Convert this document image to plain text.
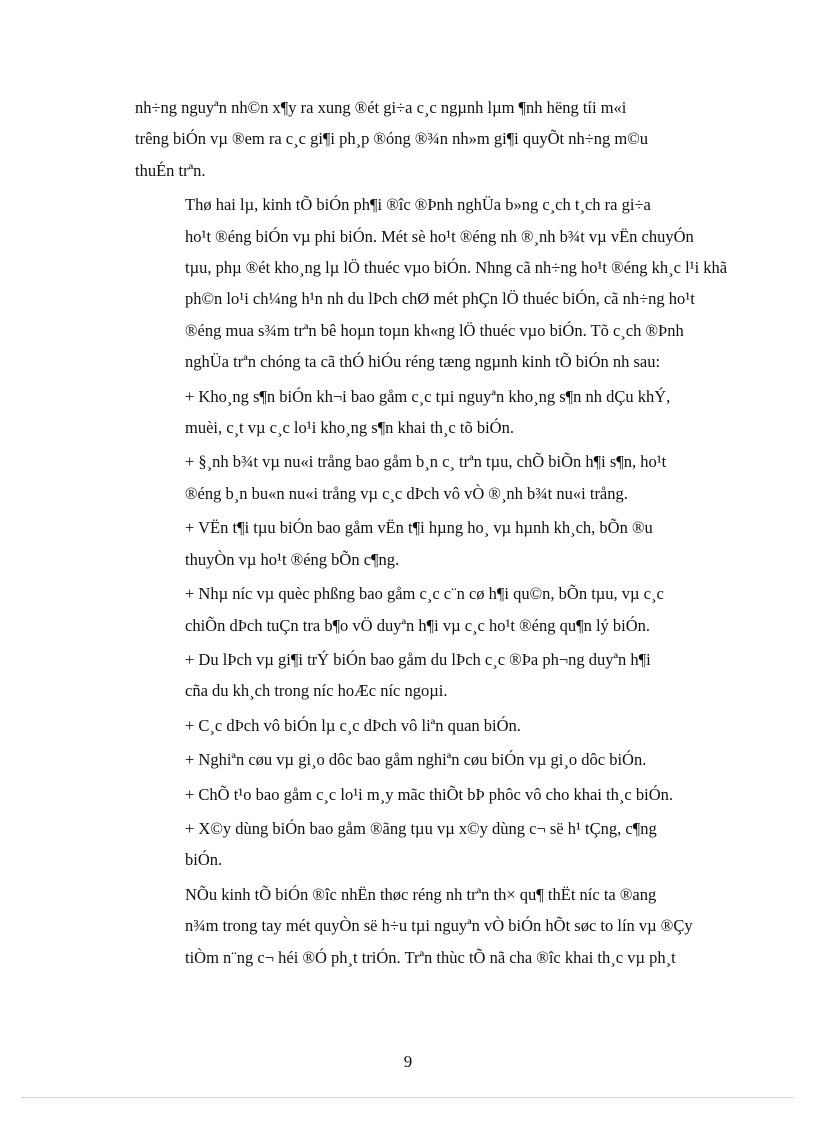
nh÷ng nguyªn nh©n x¶y ra xung ®ét gi÷a c¸c ngµnh lµm ¶nh hëng tíi m«i
trêng biÓn vµ ®em ra c¸c gi¶i ph¸p ®óng ®¾n nh»m gi¶i quyÕt nh÷ng m©u
thuÉn trªn.

Thø hai lµ, kinh tÕ biÓn ph¶i ®îc ®Þnh nghÜa b»ng c¸ch t¸ch ra gi÷a
ho¹t ®éng biÓn vµ phi biÓn. Mét sè ho¹t ®éng nh ®¸nh b¾t vµ vËn chuyÓn
tµu, phµ ®ét kho¸ng lµ lÖ thuéc vµo biÓn. Nhng cã nh÷ng ho¹t ®éng kh¸c l¹i khã
ph©n lo¹i ch¼ng h¹n nh du lÞch chØ mét phÇn lÖ thuéc biÓn, cã nh÷ng ho¹t
®éng mua s¾m trªn bê hoµn toµn kh«ng lÖ thuéc vµo biÓn. Tõ c¸ch ®Þnh
nghÜa trªn chóng ta cã thÓ hiÓu réng tæng ngµnh kinh tÕ biÓn nh sau:

+ Kho¸ng s¶n biÓn kh¬i bao gåm c¸c tµi nguyªn kho¸ng s¶n nh dÇu khÝ,
muèi, c¸t vµ c¸c lo¹i kho¸ng s¶n khai th¸c tõ biÓn.

+ §¸nh b¾t vµ nu«i trång bao gåm b¸n c¸ trªn tµu, chÕ biÕn h¶i s¶n, ho¹t
®éng b¸n bu«n nu«i trång vµ c¸c dÞch vô vÒ ®¸nh b¾t nu«i trång.

+ VËn t¶i tµu biÓn bao gåm vËn t¶i hµng ho¸ vµ hµnh kh¸ch, bÕn ®u
thuyÒn vµ ho¹t ®éng bÕn c¶ng.

+ Nhµ níc vµ quèc phßng bao gåm c¸c c¨n cø h¶i qu©n, bÕn tµu, vµ c¸c
chiÕn dÞch tuÇn tra b¶o vÖ duyªn h¶i vµ c¸c ho¹t ®éng qu¶n lý biÓn.

+ Du lÞch vµ gi¶i trÝ biÓn bao gåm du lÞch c¸c ®Þa ph¬ng duyªn h¶i
cña du kh¸ch trong níc hoÆc níc ngoµi.

+ C¸c dÞch vô biÓn lµ c¸c dÞch vô liªn quan biÓn.

+ Nghiªn cøu vµ gi¸o dôc bao gåm nghiªn cøu biÓn vµ gi¸o dôc biÓn.

+ ChÕ t¹o bao gåm c¸c lo¹i m¸y mãc thiÕt bÞ phôc vô cho khai th¸c biÓn.

+ X©y dùng biÓn bao gåm ®ãng tµu vµ x©y dùng c¬ së h¹ tÇng, c¶ng
biÓn.

NÕu kinh tÕ biÓn ®îc nhËn thøc réng nh trªn th× qu¶ thËt níc ta ®ang
n¾m trong tay mét quyÒn së h÷u tµi nguyªn vÒ biÓn hÕt søc to lín vµ ®Çy
tiÒm n¨ng c¬ héi ®Ó ph¸t triÓn. Trªn thùc tÕ nã cha ®îc khai th¸c vµ ph¸t

9
